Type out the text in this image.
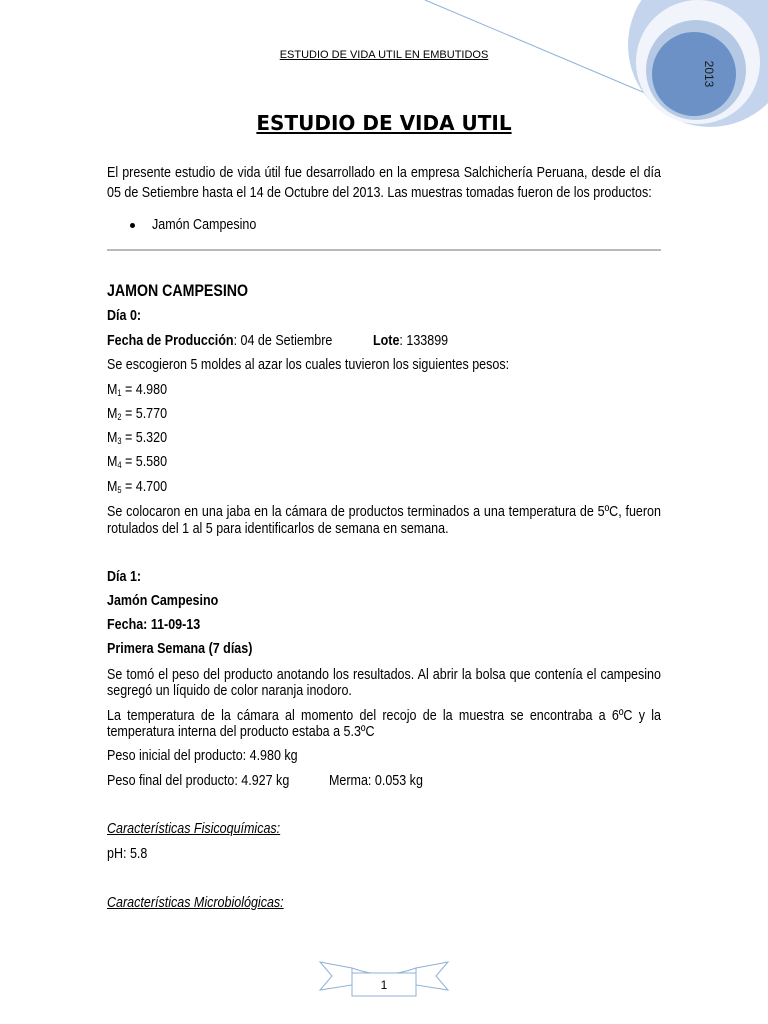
2013
ESTUDIO DE VIDA UTIL EN EMBUTIDOS
ESTUDIO DE VIDA UTIL
El presente estudio de vida útil fue desarrollado en la empresa Salchichería Peruana, desde el día 05 de Setiembre hasta el 14 de Octubre del 2013. Las muestras tomadas fueron de los productos:
Jamón Campesino
JAMON CAMPESINO
Día 0:
Fecha de Producción: 04 de Setiembre	Lote: 133899
Se escogieron 5 moldes al azar los cuales tuvieron los siguientes pesos:
$M_1 = 4.980$
$M_2 = 5.770$
$M_3 = 5.320$
$M_4 = 5.580$
$M_5 = 4.700$
Se colocaron en una jaba en la cámara de productos terminados a una temperatura de 5ºC, fueron rotulados del 1 al 5 para identificarlos de semana en semana.
Día 1:
Jamón Campesino
Fecha: 11-09-13
Primera Semana (7 días)
Se tomó el peso del producto anotando los resultados. Al abrir la bolsa que contenía el campesino segregó un líquido de color naranja inodoro.
La temperatura de la cámara al momento del recojo de la muestra se encontraba a 6ºC y la temperatura interna del producto estaba a 5.3ºC
Peso inicial del producto: 4.980 kg
Peso final del producto: 4.927 kg	Merma: 0.053 kg
Características Fisicoquímicas:
pH: 5.8
Características Microbiológicas:
1
